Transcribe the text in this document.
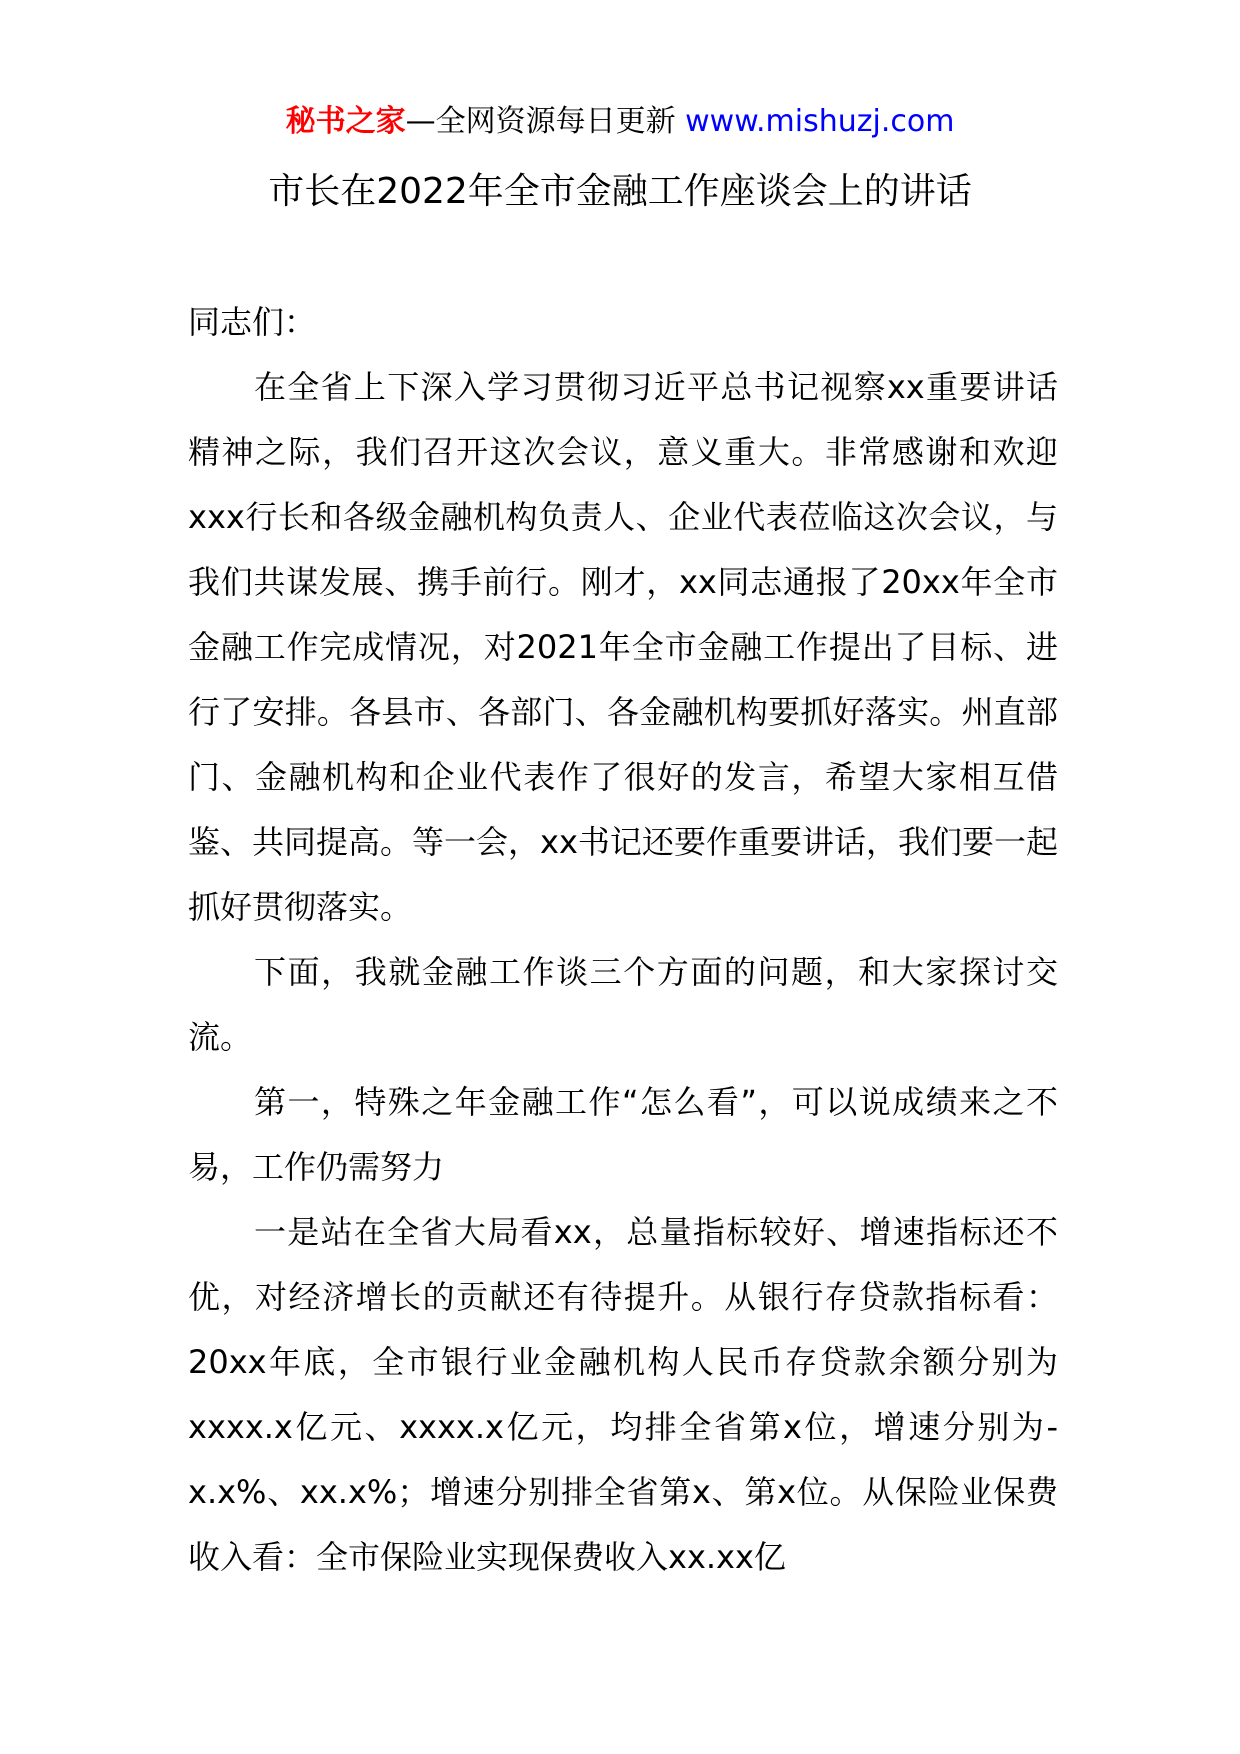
秘书之家—全网资源每日更新 www.mishuzj.com
市长在2022年全市金融工作座谈会上的讲话

同志们：

在全省上下深入学习贯彻习近平总书记视察xx重要讲话精神之际，我们召开这次会议，意义重大。非常感谢和欢迎xxx行长和各级金融机构负责人、企业代表莅临这次会议，与我们共谋发展、携手前行。刚才，xx同志通报了20xx年全市金融工作完成情况，对2021年全市金融工作提出了目标、进行了安排。各县市、各部门、各金融机构要抓好落实。州直部门、金融机构和企业代表作了很好的发言，希望大家相互借鉴、共同提高。等一会，xx书记还要作重要讲话，我们要一起抓好贯彻落实。

下面，我就金融工作谈三个方面的问题，和大家探讨交流。

第一，特殊之年金融工作“怎么看”，可以说成绩来之不易，工作仍需努力

一是站在全省大局看xx，总量指标较好、增速指标还不优，对经济增长的贡献还有待提升。从银行存贷款指标看：20xx年底，全市银行业金融机构人民币存贷款余额分别为xxxx.x亿元、xxxx.x亿元，均排全省第x位，增速分别为-x.x%、xx.x%；增速分别排全省第x、第x位。从保险业保费收入看：全市保险业实现保费收入xx.xx亿
